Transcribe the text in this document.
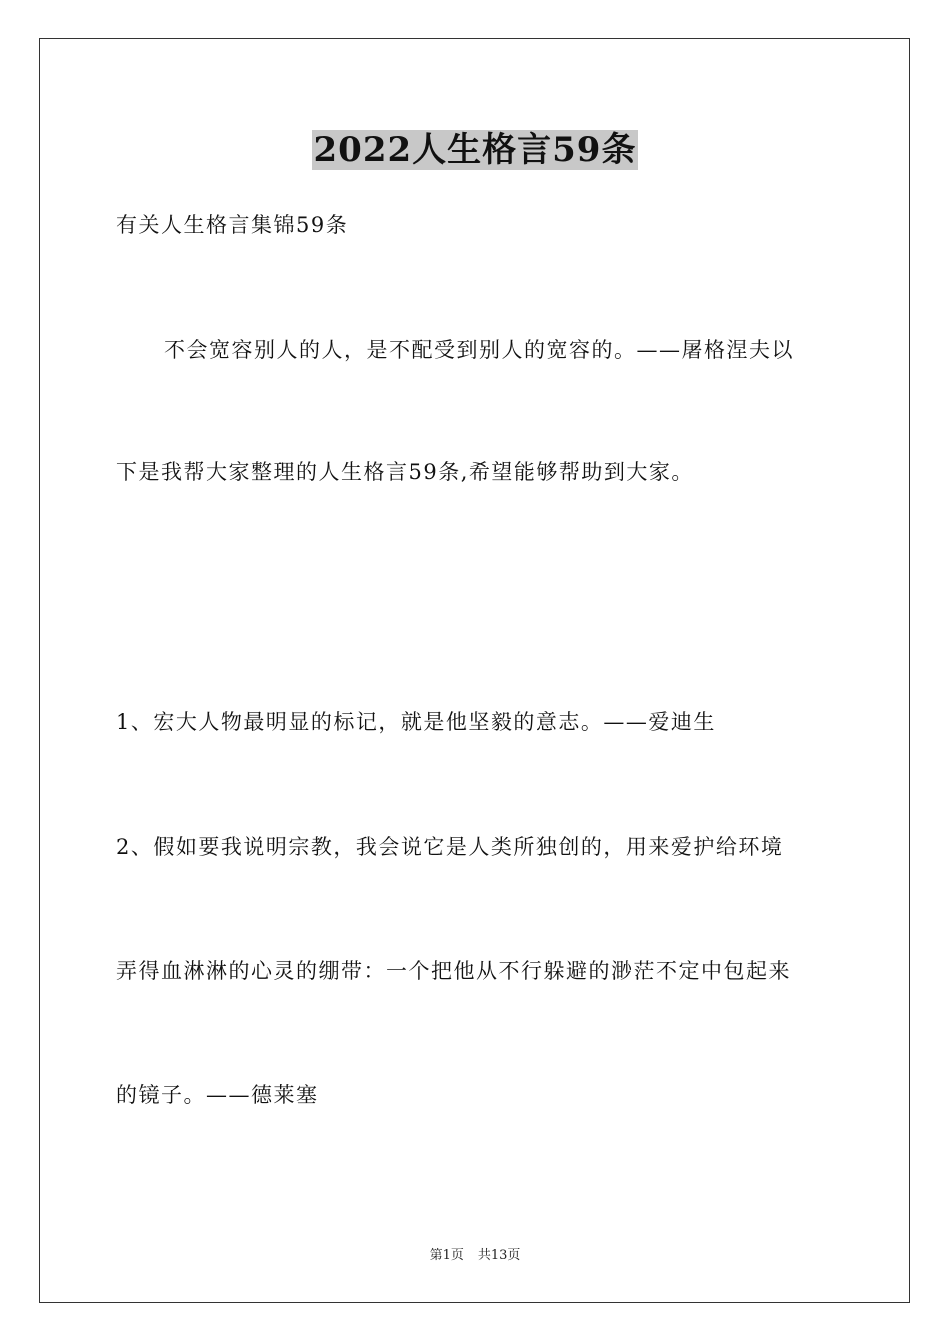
2022人生格言59条
有关人生格言集锦59条
不会宽容别人的人，是不配受到别人的宽容的。——屠格涅夫以
下是我帮大家整理的人生格言59条,希望能够帮助到大家。
1、宏大人物最明显的标记，就是他坚毅的意志。——爱迪生
2、假如要我说明宗教，我会说它是人类所独创的，用来爱护给环境
弄得血淋淋的心灵的绷带：一个把他从不行躲避的渺茫不定中包起来
的镜子。——德莱塞
第1页 共13页
